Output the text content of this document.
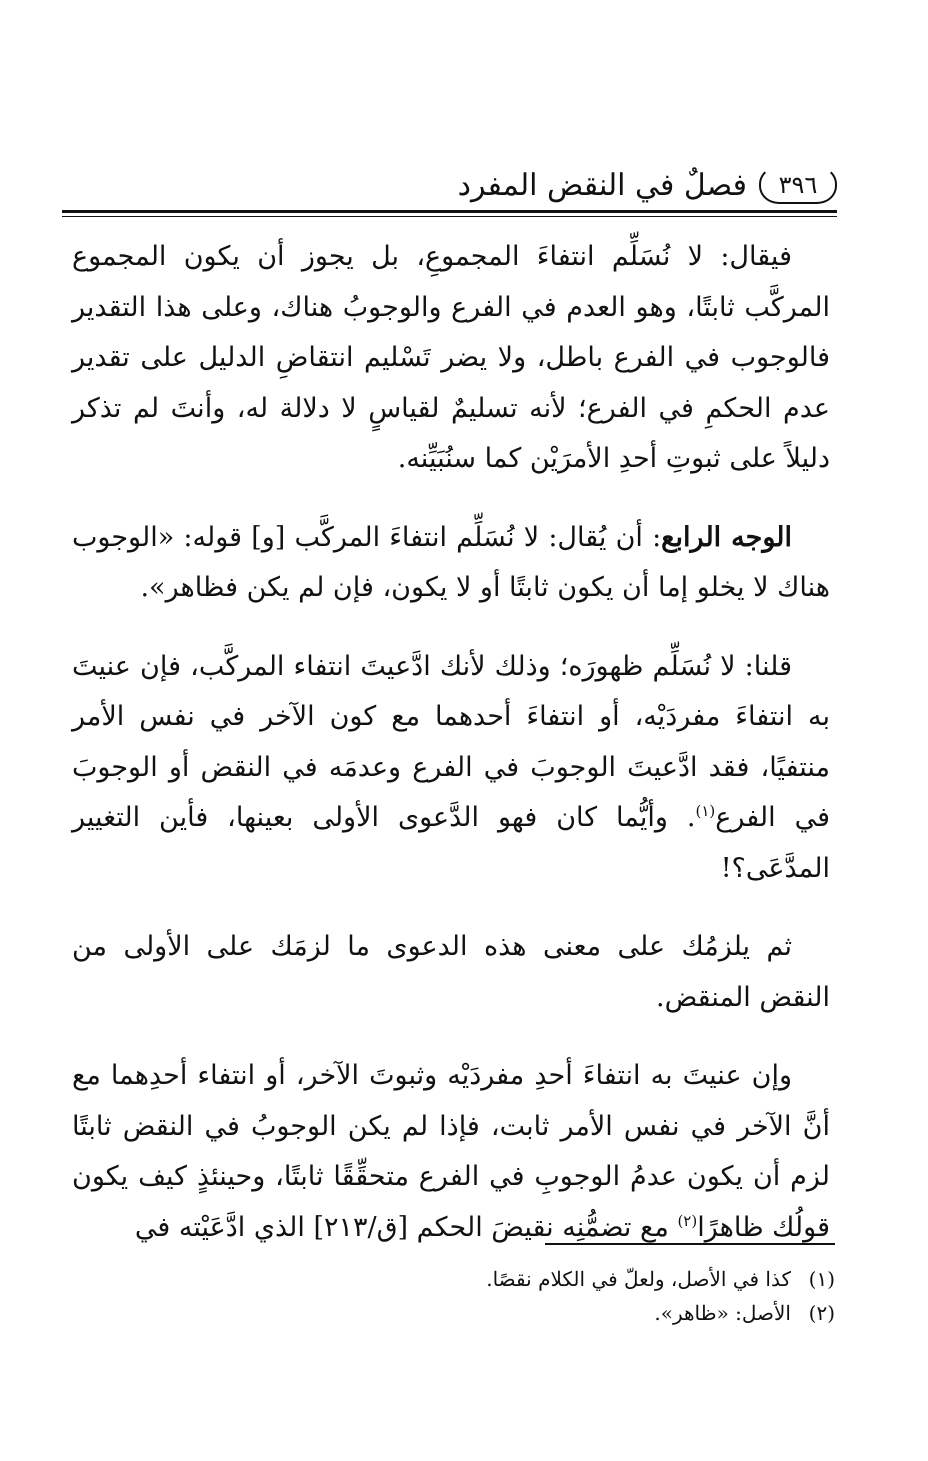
٣٩٦
فصلٌ في النقض المفرد

فيقال: لا نُسَلِّم انتفاءَ المجموعِ، بل يجوز أن يكون المجموع المركَّب ثابتًا، وهو العدم في الفرع والوجوبُ هناك، وعلى هذا التقدير فالوجوب في الفرع باطل، ولا يضر تَسْليم انتقاضِ الدليل على تقدير عدم الحكمِ في الفرع؛ لأنه تسليمٌ لقياسٍ لا دلالة له، وأنتَ لم تذكر دليلاً على ثبوتِ أحدِ الأمرَيْن كما سنُبَيِّنه.

الوجه الرابع: أن يُقال: لا نُسَلِّم انتفاءَ المركَّب [و] قوله: «الوجوب هناك لا يخلو إما أن يكون ثابتًا أو لا يكون، فإن لم يكن فظاهر».

قلنا: لا نُسَلِّم ظهورَه؛ وذلك لأنك ادَّعيتَ انتفاء المركَّب، فإن عنيتَ به انتفاءَ مفردَيْه، أو انتفاءَ أحدهما مع كون الآخر في نفس الأمر منتفيًا، فقد ادَّعيتَ الوجوبَ في الفرع وعدمَه في النقض أو الوجوبَ في الفرع$^{(١)}$. وأيُّما كان فهو الدَّعوى الأولى بعينها، فأين التغيير المدَّعَى؟!

ثم يلزمُك على معنى هذه الدعوى ما لزمَك على الأولى من النقض المنقض.

وإن عنيتَ به انتفاءَ أحدِ مفردَيْه وثبوتَ الآخر، أو انتفاء أحدِهما مع أنَّ الآخر في نفس الأمر ثابت، فإذا لم يكن الوجوبُ في النقض ثابتًا لزم أن يكون عدمُ الوجوبِ في الفرع متحقِّقًا ثابتًا، وحينئذٍ كيف يكون قولُك ظاهرًا$^{(٢)}$ مع تضمُّنِه نقيضَ الحكم [ق/٢١٣] الذي ادَّعَيْته في

(١)كذا في الأصل، ولعلّ في الكلام نقصًا.
(٢)الأصل: «ظاهر».
